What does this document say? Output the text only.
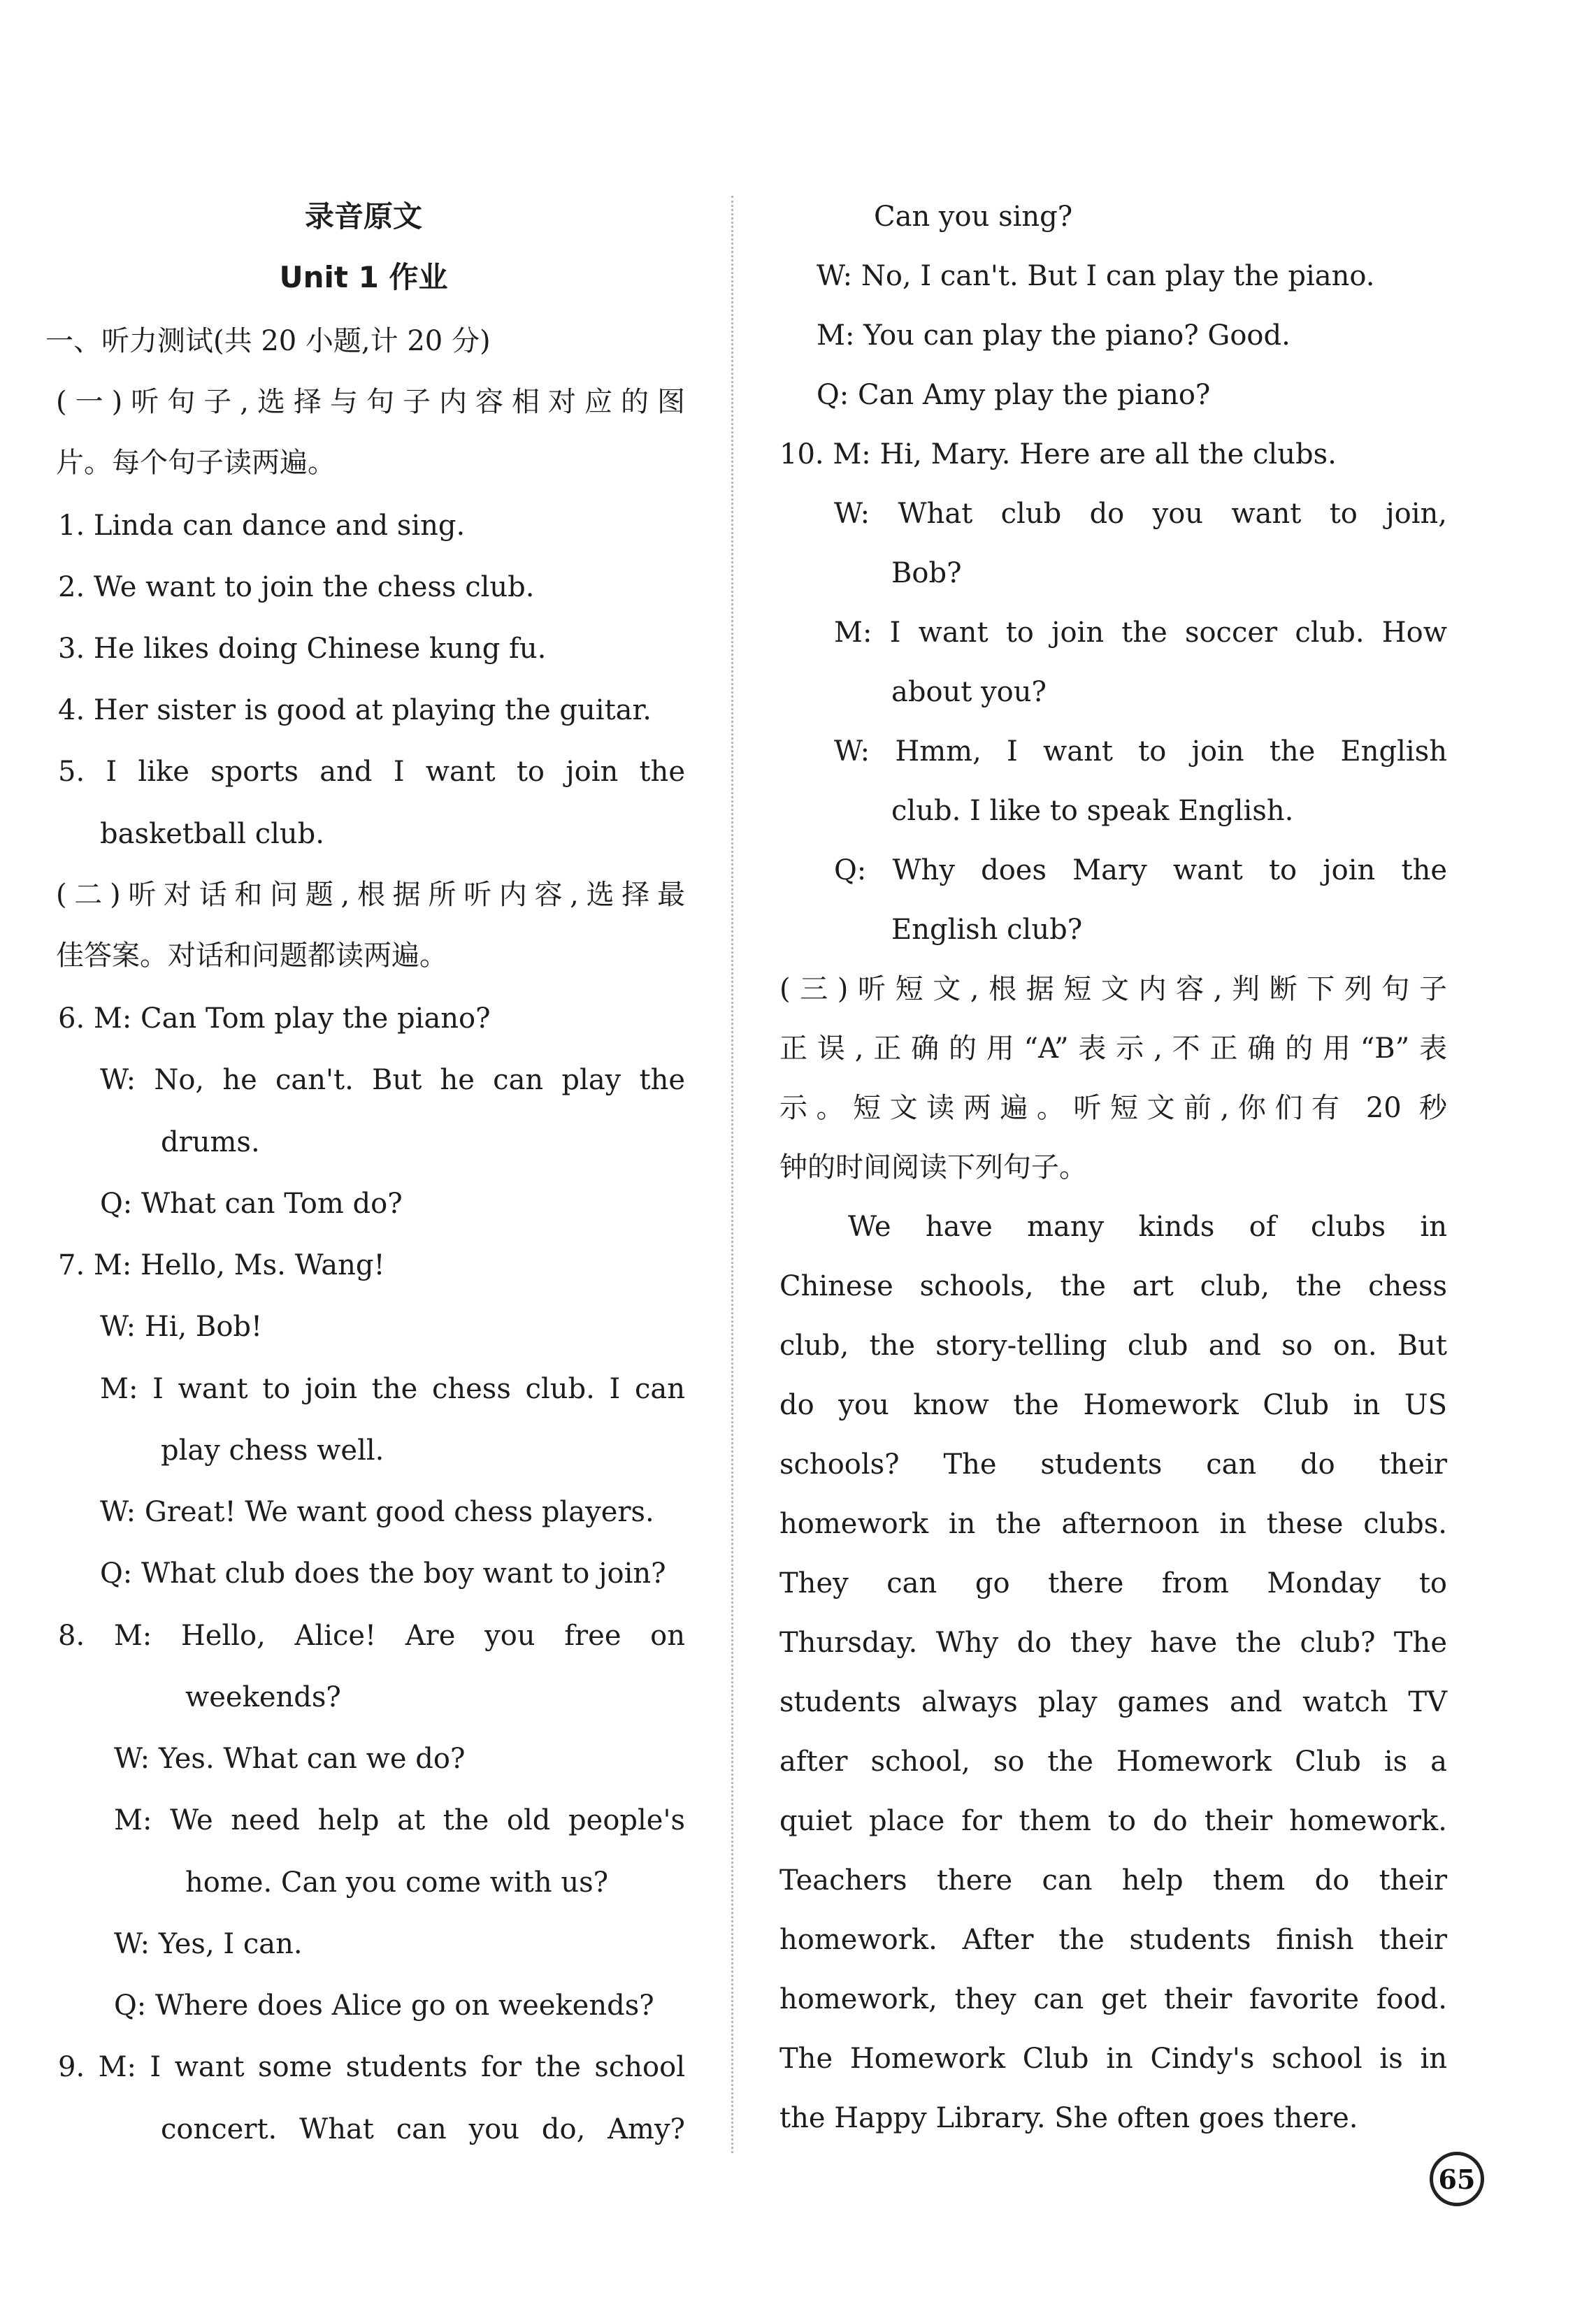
录音原文
Unit 1 作业
一、听力测试(共 20 小题,计 20 分)
(一)听句子,选择与句子内容相对应的图
片。每个句子读两遍。
1. Linda can dance and sing.
2. We want to join the chess club.
3. He likes doing Chinese kung fu.
4. Her sister is good at playing the guitar.
5. I like sports and I want to join the
basketball club.
(二)听对话和问题,根据所听内容,选择最
佳答案。对话和问题都读两遍。
6. M: Can Tom play the piano?
W: No, he can't. But he can play the
drums.
Q: What can Tom do?
7. M: Hello, Ms. Wang!
W: Hi, Bob!
M: I want to join the chess club. I can
play chess well.
W: Great! We want good chess players.
Q: What club does the boy want to join?
8. M: Hello, Alice! Are you free on
weekends?
W: Yes. What can we do?
M: We need help at the old people's
home. Can you come with us?
W: Yes, I can.
Q: Where does Alice go on weekends?
9. M: I want some students for the school
concert. What can you do, Amy?
Can you sing?
W: No, I can't. But I can play the piano.
M: You can play the piano? Good.
Q: Can Amy play the piano?
10. M: Hi, Mary. Here are all the clubs.
W: What club do you want to join,
Bob?
M: I want to join the soccer club. How
about you?
W: Hmm, I want to join the English
club. I like to speak English.
Q: Why does Mary want to join the
English club?
(三)听短文,根据短文内容,判断下列句子
正误,正确的用“A”表示,不正确的用“B”表
示。短文读两遍。听短文前,你们有 20 秒
钟的时间阅读下列句子。
We have many kinds of clubs in
Chinese schools, the art club, the chess
club, the story-telling club and so on. But
do you know the Homework Club in US
schools? The students can do their
homework in the afternoon in these clubs.
They can go there from Monday to
Thursday. Why do they have the club? The
students always play games and watch TV
after school, so the Homework Club is a
quiet place for them to do their homework.
Teachers there can help them do their
homework. After the students finish their
homework, they can get their favorite food.
The Homework Club in Cindy's school is in
the Happy Library. She often goes there.
65
